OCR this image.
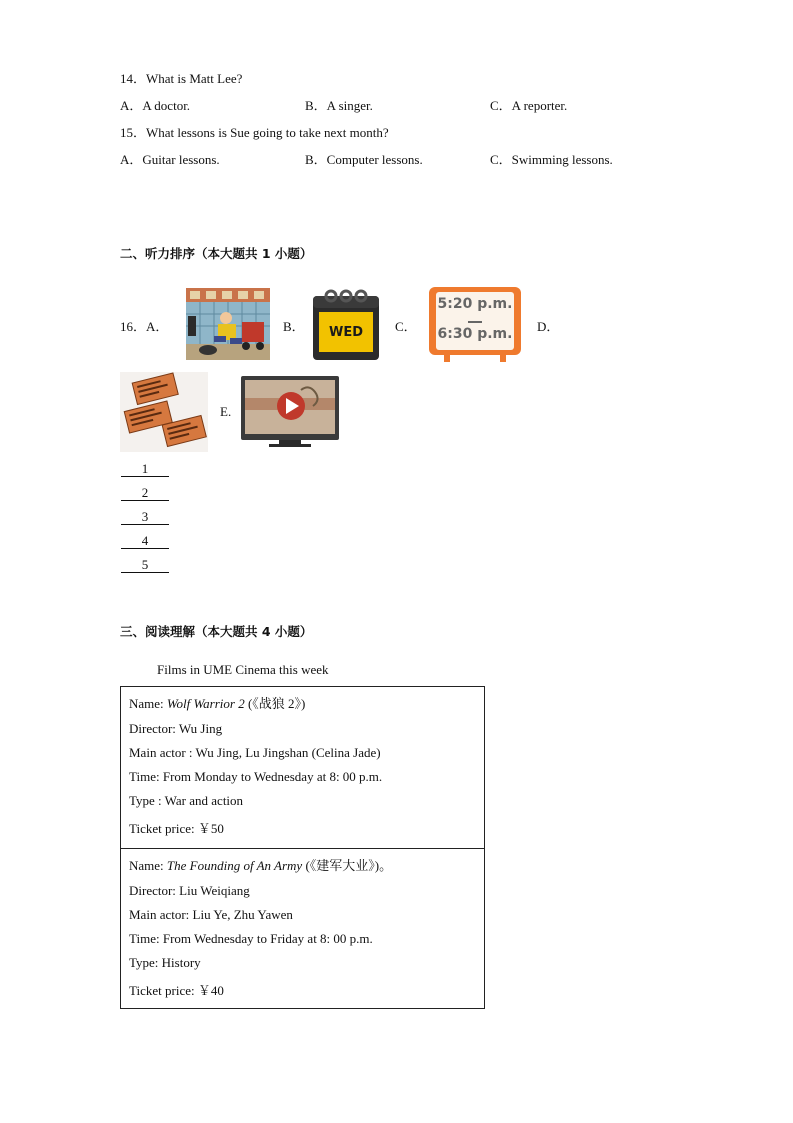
14．What is Matt Lee?
A．A doctor.	B．A singer.	C．A reporter.
15．What lessons is Sue going to take next month?
A．Guitar lessons.	B．Computer lessons.	C．Swimming lessons.
二、听力排序（本大题共 1 小题）
16．A．	B．	WED	C．
5:20 p.m.
6:30 p.m. D．
E.
1
2
3
4
5
三、阅读理解（本大题共 4 小题）
Films in UME Cinema this week
Name: Wolf Warrior 2 (《战狼 2》)
Director: Wu Jing
Main actor : Wu Jing, Lu Jingshan (Celina Jade)
Time: From Monday to Wednesday at 8: 00 p.m.
Type : War and action
Ticket price: ￥50
Name: The Founding of An Army (《建军大业》)。
Director: Liu Weiqiang
Main actor: Liu Ye, Zhu Yawen
Time: From Wednesday to Friday at 8: 00 p.m.
Type: History
Ticket price: ￥40
